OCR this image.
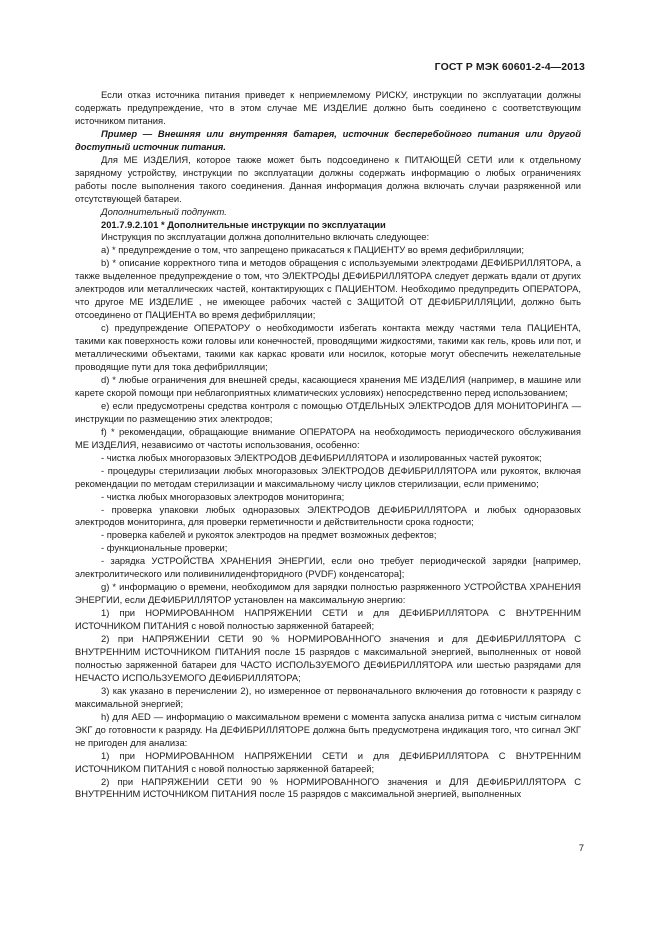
ГОСТ Р МЭК 60601-2-4—2013

Если отказ источника питания приведет к неприемлемому РИСКУ, инструкции по эксплуатации должны содержать предупреждение, что в этом случае МЕ ИЗДЕЛИЕ должно быть соединено с соответствующим источником питания.

Пример — Внешняя или внутренняя батарея, источник бесперебойного питания или другой доступный источник питания.

Для МЕ ИЗДЕЛИЯ, которое также может быть подсоединено к ПИТАЮЩЕЙ СЕТИ или к отдельному зарядному устройству, инструкции по эксплуатации должны содержать информацию о любых ограничениях работы после выполнения такого соединения. Данная информация должна включать случаи разряженной или отсутствующей батареи.

Дополнительный подпункт.

201.7.9.2.101 * Дополнительные инструкции по эксплуатации

Инструкция по эксплуатации должна дополнительно включать следующее:

a) * предупреждение о том, что запрещено прикасаться к ПАЦИЕНТУ во время дефибрилляции;

b) * описание корректного типа и методов обращения с используемыми электродами ДЕФИБРИЛЛЯТОРА, а также выделенное предупреждение о том, что ЭЛЕКТРОДЫ ДЕФИБРИЛЛЯТОРА следует держать вдали от других электродов или металлических частей, контактирующих с ПАЦИЕНТОМ. Необходимо предупредить ОПЕРАТОРА, что другое МЕ ИЗДЕЛИЕ , не имеющее рабочих частей с ЗАЩИТОЙ ОТ ДЕФИБРИЛЛЯЦИИ, должно быть отсоединено от ПАЦИЕНТА во время дефибрилляции;

c) предупреждение ОПЕРАТОРУ о необходимости избегать контакта между частями тела ПАЦИЕНТА, такими как поверхность кожи головы или конечностей, проводящими жидкостями, такими как гель, кровь или пот, и металлическими объектами, такими как каркас кровати или носилок, которые могут обеспечить нежелательные проводящие пути для тока дефибрилляции;

d) * любые ограничения для внешней среды, касающиеся хранения МЕ ИЗДЕЛИЯ (например, в машине или карете скорой помощи при неблагоприятных климатических условиях) непосредственно перед использованием;

e) если предусмотрены средства контроля с помощью ОТДЕЛЬНЫХ ЭЛЕКТРОДОВ ДЛЯ МОНИТОРИНГА — инструкции по размещению этих электродов;

f) * рекомендации, обращающие внимание ОПЕРАТОРА на необходимость периодического обслуживания МЕ ИЗДЕЛИЯ, независимо от частоты использования, особенно:

- чистка любых многоразовых ЭЛЕКТРОДОВ ДЕФИБРИЛЛЯТОРА и изолированных частей рукояток;

- процедуры стерилизации любых многоразовых ЭЛЕКТРОДОВ ДЕФИБРИЛЛЯТОРА или рукояток, включая рекомендации по методам стерилизации и максимальному числу циклов стерилизации, если применимо;

- чистка любых многоразовых электродов мониторинга;

- проверка упаковки любых одноразовых ЭЛЕКТРОДОВ ДЕФИБРИЛЛЯТОРА и любых одноразовых электродов мониторинга, для проверки герметичности и действительности срока годности;

- проверка кабелей и рукояток электродов на предмет возможных дефектов;

- функциональные проверки;

- зарядка УСТРОЙСТВА ХРАНЕНИЯ ЭНЕРГИИ, если оно требует периодической зарядки [например, электролитического или поливинилиденфторидного (PVDF) конденсатора];

g) * информацию о времени, необходимом для зарядки полностью разряженного УСТРОЙСТВА ХРАНЕНИЯ ЭНЕРГИИ, если ДЕФИБРИЛЛЯТОР установлен на максимальную энергию:

1) при НОРМИРОВАННОМ НАПРЯЖЕНИИ СЕТИ и для ДЕФИБРИЛЛЯТОРА С ВНУТРЕННИМ ИСТОЧНИКОМ ПИТАНИЯ с новой полностью заряженной батареей;

2) при НАПРЯЖЕНИИ СЕТИ 90 % НОРМИРОВАННОГО значения и для ДЕФИБРИЛЛЯТОРА С ВНУТРЕННИМ ИСТОЧНИКОМ ПИТАНИЯ после 15 разрядов с максимальной энергией, выполненных от новой полностью заряженной батареи для ЧАСТО ИСПОЛЬЗУЕМОГО ДЕФИБРИЛЛЯТОРА или шестью разрядами для НЕЧАСТО ИСПОЛЬЗУЕМОГО ДЕФИБРИЛЛЯТОРА;

3) как указано в перечислении 2), но измеренное от первоначального включения до готовности к разряду с максимальной энергией;

h) для AED — информацию о максимальном времени с момента запуска анализа ритма с чистым сигналом ЭКГ до готовности к разряду. На ДЕФИБРИЛЛЯТОРЕ должна быть предусмотрена индикация того, что сигнал ЭКГ не пригоден для анализа:

1) при НОРМИРОВАННОМ НАПРЯЖЕНИИ СЕТИ и для ДЕФИБРИЛЛЯТОРА С ВНУТРЕННИМ ИСТОЧНИКОМ ПИТАНИЯ с новой полностью заряженной батареей;

2) при НАПРЯЖЕНИИ СЕТИ 90 % НОРМИРОВАННОГО значения и ДЛЯ ДЕФИБРИЛЛЯТОРА С ВНУТРЕННИМ ИСТОЧНИКОМ ПИТАНИЯ после 15 разрядов с максимальной энергией, выполненных

7
